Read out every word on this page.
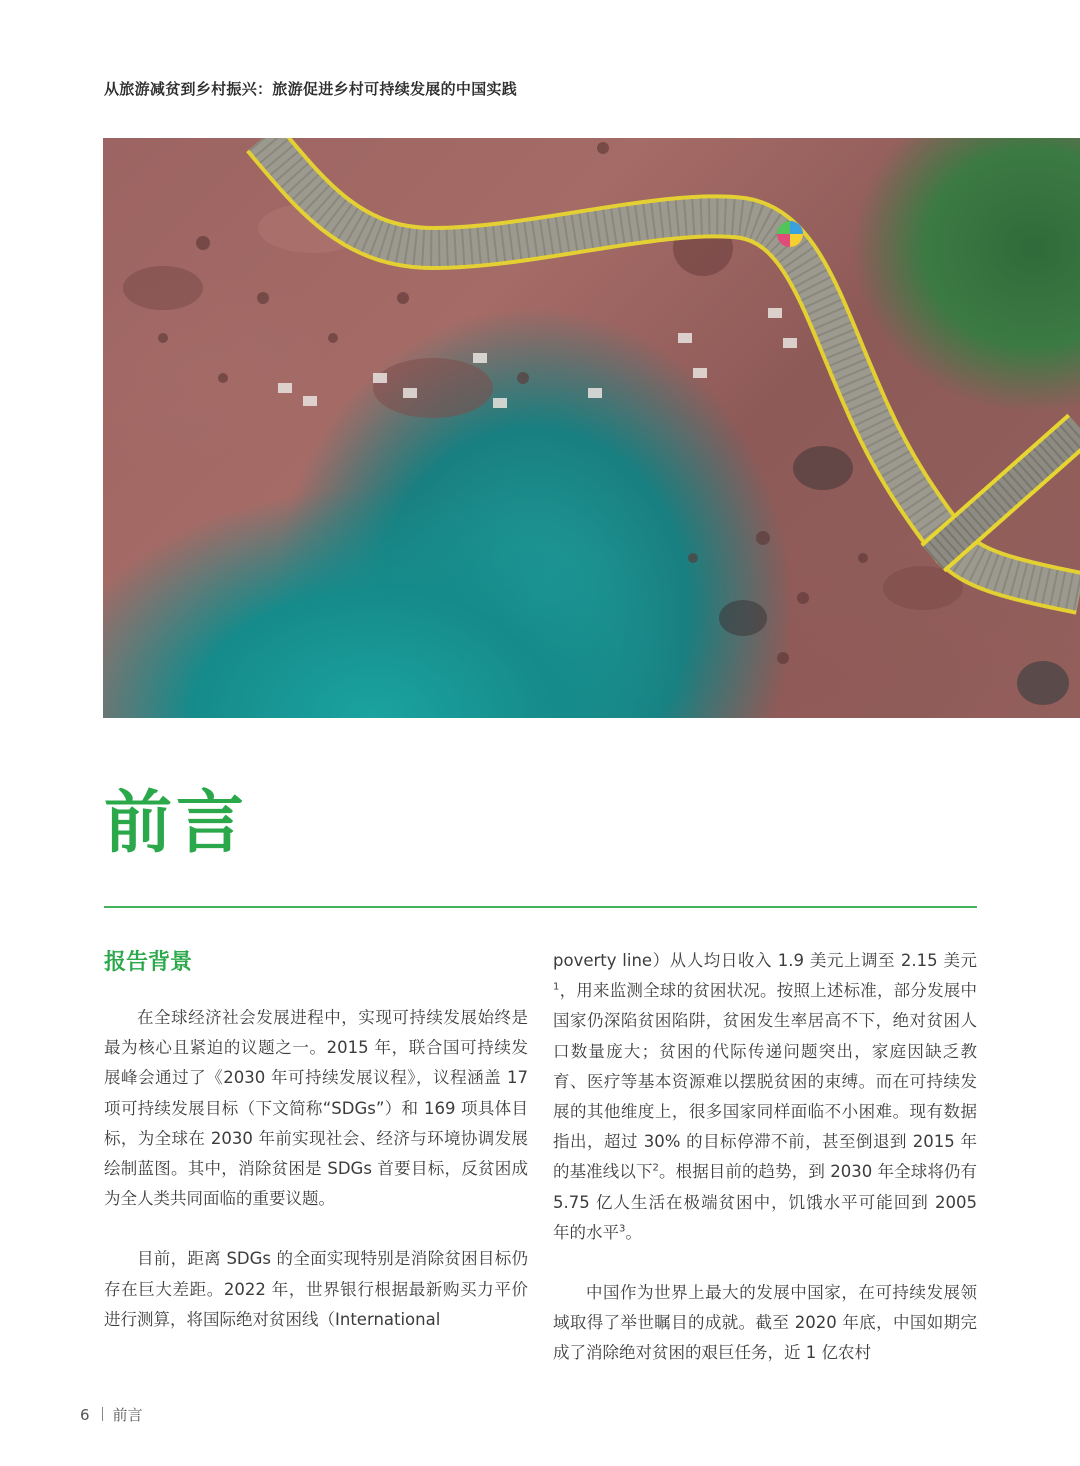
从旅游减贫到乡村振兴：旅游促进乡村可持续发展的中国实践
前言
报告背景

在全球经济社会发展进程中，实现可持续发展始终是最为核心且紧迫的议题之一。2015 年，联合国可持续发展峰会通过了《2030 年可持续发展议程》，议程涵盖 17 项可持续发展目标（下文简称“SDGs”）和 169 项具体目标，为全球在 2030 年前实现社会、经济与环境协调发展绘制蓝图。其中，消除贫困是 SDGs 首要目标，反贫困成为全人类共同面临的重要议题。

目前，距离 SDGs 的全面实现特别是消除贫困目标仍存在巨大差距。2022 年，世界银行根据最新购买力平价进行测算，将国际绝对贫困线（International

poverty line）从人均日收入 1.9 美元上调至 2.15 美元$^1$，用来监测全球的贫困状况。按照上述标准，部分发展中国家仍深陷贫困陷阱，贫困发生率居高不下，绝对贫困人口数量庞大；贫困的代际传递问题突出，家庭因缺乏教育、医疗等基本资源难以摆脱贫困的束缚。而在可持续发展的其他维度上，很多国家同样面临不小困难。现有数据指出，超过 30% 的目标停滞不前，甚至倒退到 2015 年的基准线以下$^2$。根据目前的趋势，到 2030 年全球将仍有 5.75 亿人生活在极端贫困中，饥饿水平可能回到 2005 年的水平$^3$。

中国作为世界上最大的发展中国家，在可持续发展领域取得了举世瞩目的成就。截至 2020 年底，中国如期完成了消除绝对贫困的艰巨任务，近 1 亿农村

6 前言
